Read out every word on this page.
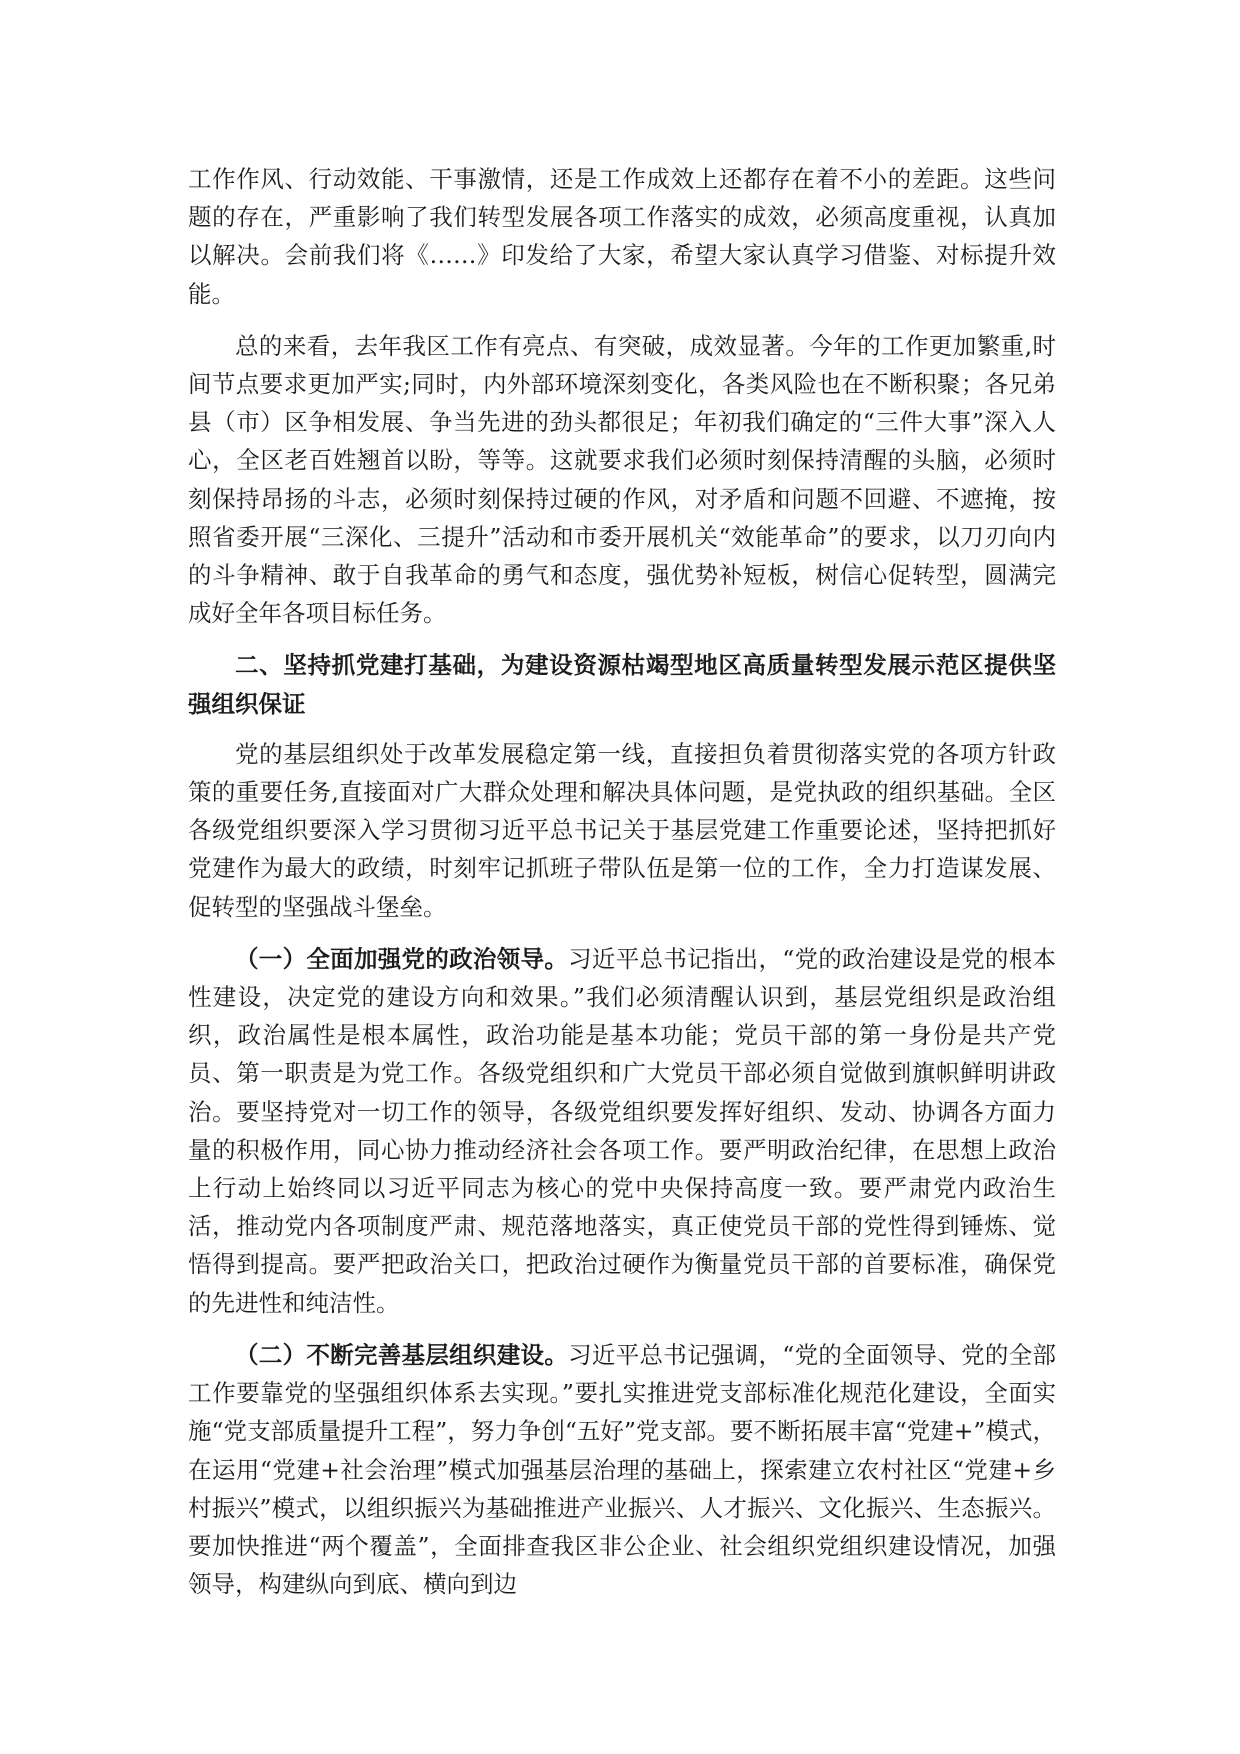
工作作风、行动效能、干事激情，还是工作成效上还都存在着不小的差距。这些问题的存在，严重影响了我们转型发展各项工作落实的成效，必须高度重视，认真加以解决。会前我们将《……》印发给了大家，希望大家认真学习借鉴、对标提升效能。

总的来看，去年我区工作有亮点、有突破，成效显著。今年的工作更加繁重,时间节点要求更加严实;同时，内外部环境深刻变化，各类风险也在不断积聚；各兄弟县（市）区争相发展、争当先进的劲头都很足；年初我们确定的“三件大事”深入人心，全区老百姓翘首以盼，等等。这就要求我们必须时刻保持清醒的头脑，必须时刻保持昂扬的斗志，必须时刻保持过硬的作风，对矛盾和问题不回避、不遮掩，按照省委开展“三深化、三提升”活动和市委开展机关“效能革命”的要求，以刀刃向内的斗争精神、敢于自我革命的勇气和态度，强优势补短板，树信心促转型，圆满完成好全年各项目标任务。

二、坚持抓党建打基础，为建设资源枯竭型地区高质量转型发展示范区提供坚强组织保证

党的基层组织处于改革发展稳定第一线，直接担负着贯彻落实党的各项方针政策的重要任务,直接面对广大群众处理和解决具体问题，是党执政的组织基础。全区各级党组织要深入学习贯彻习近平总书记关于基层党建工作重要论述，坚持把抓好党建作为最大的政绩，时刻牢记抓班子带队伍是第一位的工作，全力打造谋发展、促转型的坚强战斗堡垒。

（一）全面加强党的政治领导。习近平总书记指出，“党的政治建设是党的根本性建设，决定党的建设方向和效果。”我们必须清醒认识到，基层党组织是政治组织，政治属性是根本属性，政治功能是基本功能；党员干部的第一身份是共产党员、第一职责是为党工作。各级党组织和广大党员干部必须自觉做到旗帜鲜明讲政治。要坚持党对一切工作的领导，各级党组织要发挥好组织、发动、协调各方面力量的积极作用，同心协力推动经济社会各项工作。要严明政治纪律，在思想上政治上行动上始终同以习近平同志为核心的党中央保持高度一致。要严肃党内政治生活，推动党内各项制度严肃、规范落地落实，真正使党员干部的党性得到锤炼、觉悟得到提高。要严把政治关口，把政治过硬作为衡量党员干部的首要标准，确保党的先进性和纯洁性。

（二）不断完善基层组织建设。习近平总书记强调，“党的全面领导、党的全部工作要靠党的坚强组织体系去实现。”要扎实推进党支部标准化规范化建设，全面实施“党支部质量提升工程”，努力争创“五好”党支部。要不断拓展丰富“党建+”模式，在运用“党建+社会治理”模式加强基层治理的基础上，探索建立农村社区“党建+乡村振兴”模式，以组织振兴为基础推进产业振兴、人才振兴、文化振兴、生态振兴。要加快推进“两个覆盖”，全面排查我区非公企业、社会组织党组织建设情况，加强领导，构建纵向到底、横向到边
